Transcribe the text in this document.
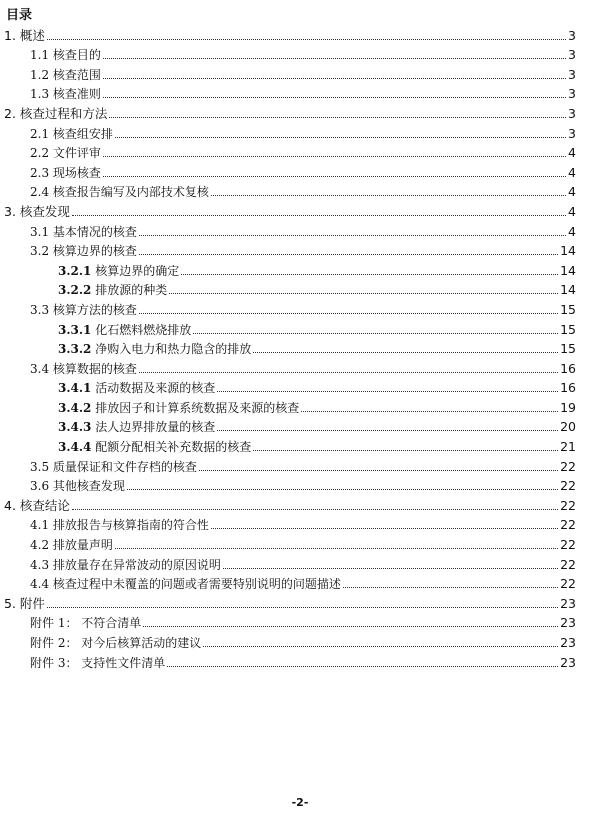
目录
1. 概述	3
1.1 核查目的	3
1.2 核查范围	3
1.3 核查准则	3
2. 核查过程和方法	3
2.1 核查组安排	3
2.2 文件评审	4
2.3 现场核查	4
2.4 核查报告编写及内部技术复核	4
3. 核查发现	4
3.1 基本情况的核查	4
3.2 核算边界的核查	14
3.2.1 核算边界的确定	14
3.2.2 排放源的种类	14
3.3 核算方法的核查	15
3.3.1 化石燃料燃烧排放	15
3.3.2 净购入电力和热力隐含的排放	15
3.4 核算数据的核查	16
3.4.1 活动数据及来源的核查	16
3.4.2 排放因子和计算系统数据及来源的核查	19
3.4.3 法人边界排放量的核查	20
3.4.4 配额分配相关补充数据的核查	21
3.5 质量保证和文件存档的核查	22
3.6 其他核查发现	22
4. 核查结论	22
4.1 排放报告与核算指南的符合性	22
4.2 排放量声明	22
4.3 排放量存在异常波动的原因说明	22
4.4 核查过程中未覆盖的问题或者需要特别说明的问题描述	22
5. 附件	23
附件 1： 不符合清单	23
附件 2： 对今后核算活动的建议	23
附件 3： 支持性文件清单	23
-2-
